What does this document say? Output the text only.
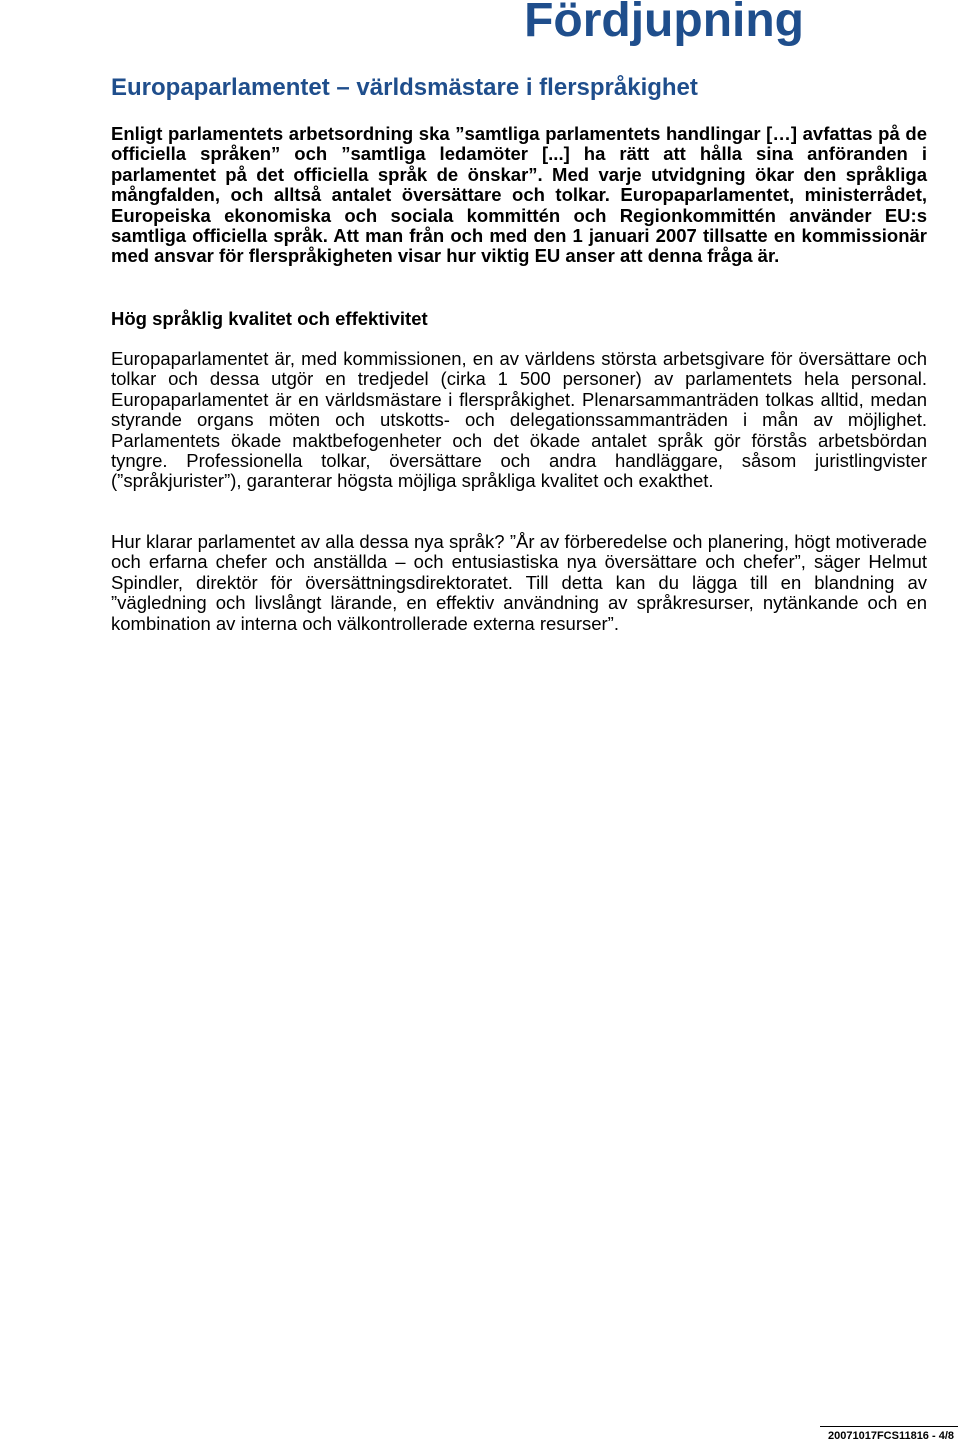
Fördjupning
Europaparlamentet – världsmästare i flerspråkighet

Enligt parlamentets arbetsordning ska ”samtliga parlamentets handlingar […] avfattas på de officiella språken” och ”samtliga ledamöter [...] ha rätt att hålla sina anföranden i parlamentet på det officiella språk de önskar”. Med varje utvidgning ökar den språkliga mångfalden, och alltså antalet översättare och tolkar. Europaparlamentet, ministerrådet, Europeiska ekonomiska och sociala kommittén och Regionkommittén använder EU:s samtliga officiella språk. Att man från och med den 1 januari 2007 tillsatte en kommissionär med ansvar för flerspråkigheten visar hur viktig EU anser att denna fråga är.

Hög språklig kvalitet och effektivitet

Europaparlamentet är, med kommissionen, en av världens största arbetsgivare för översättare och tolkar och dessa utgör en tredjedel (cirka 1 500 personer) av parlamentets hela personal. Europaparlamentet är en världsmästare i flerspråkighet. Plenarsammanträden tolkas alltid, medan styrande organs möten och utskotts- och delegationssammanträden i mån av möjlighet. Parlamentets ökade maktbefogenheter och det ökade antalet språk gör förstås arbetsbördan tyngre. Professionella tolkar, översättare och andra handläggare, såsom juristlingvister (”språkjurister”), garanterar högsta möjliga språkliga kvalitet och exakthet.

Hur klarar parlamentet av alla dessa nya språk? ”År av förberedelse och planering, högt motiverade och erfarna chefer och anställda – och entusiastiska nya översättare och chefer”, säger Helmut Spindler, direktör för översättningsdirektoratet. Till detta kan du lägga till en blandning av ”vägledning och livslångt lärande, en effektiv användning av språkresurser, nytänkande och en kombination av interna och välkontrollerade externa resurser”.

20071017FCS11816 - 4/8
